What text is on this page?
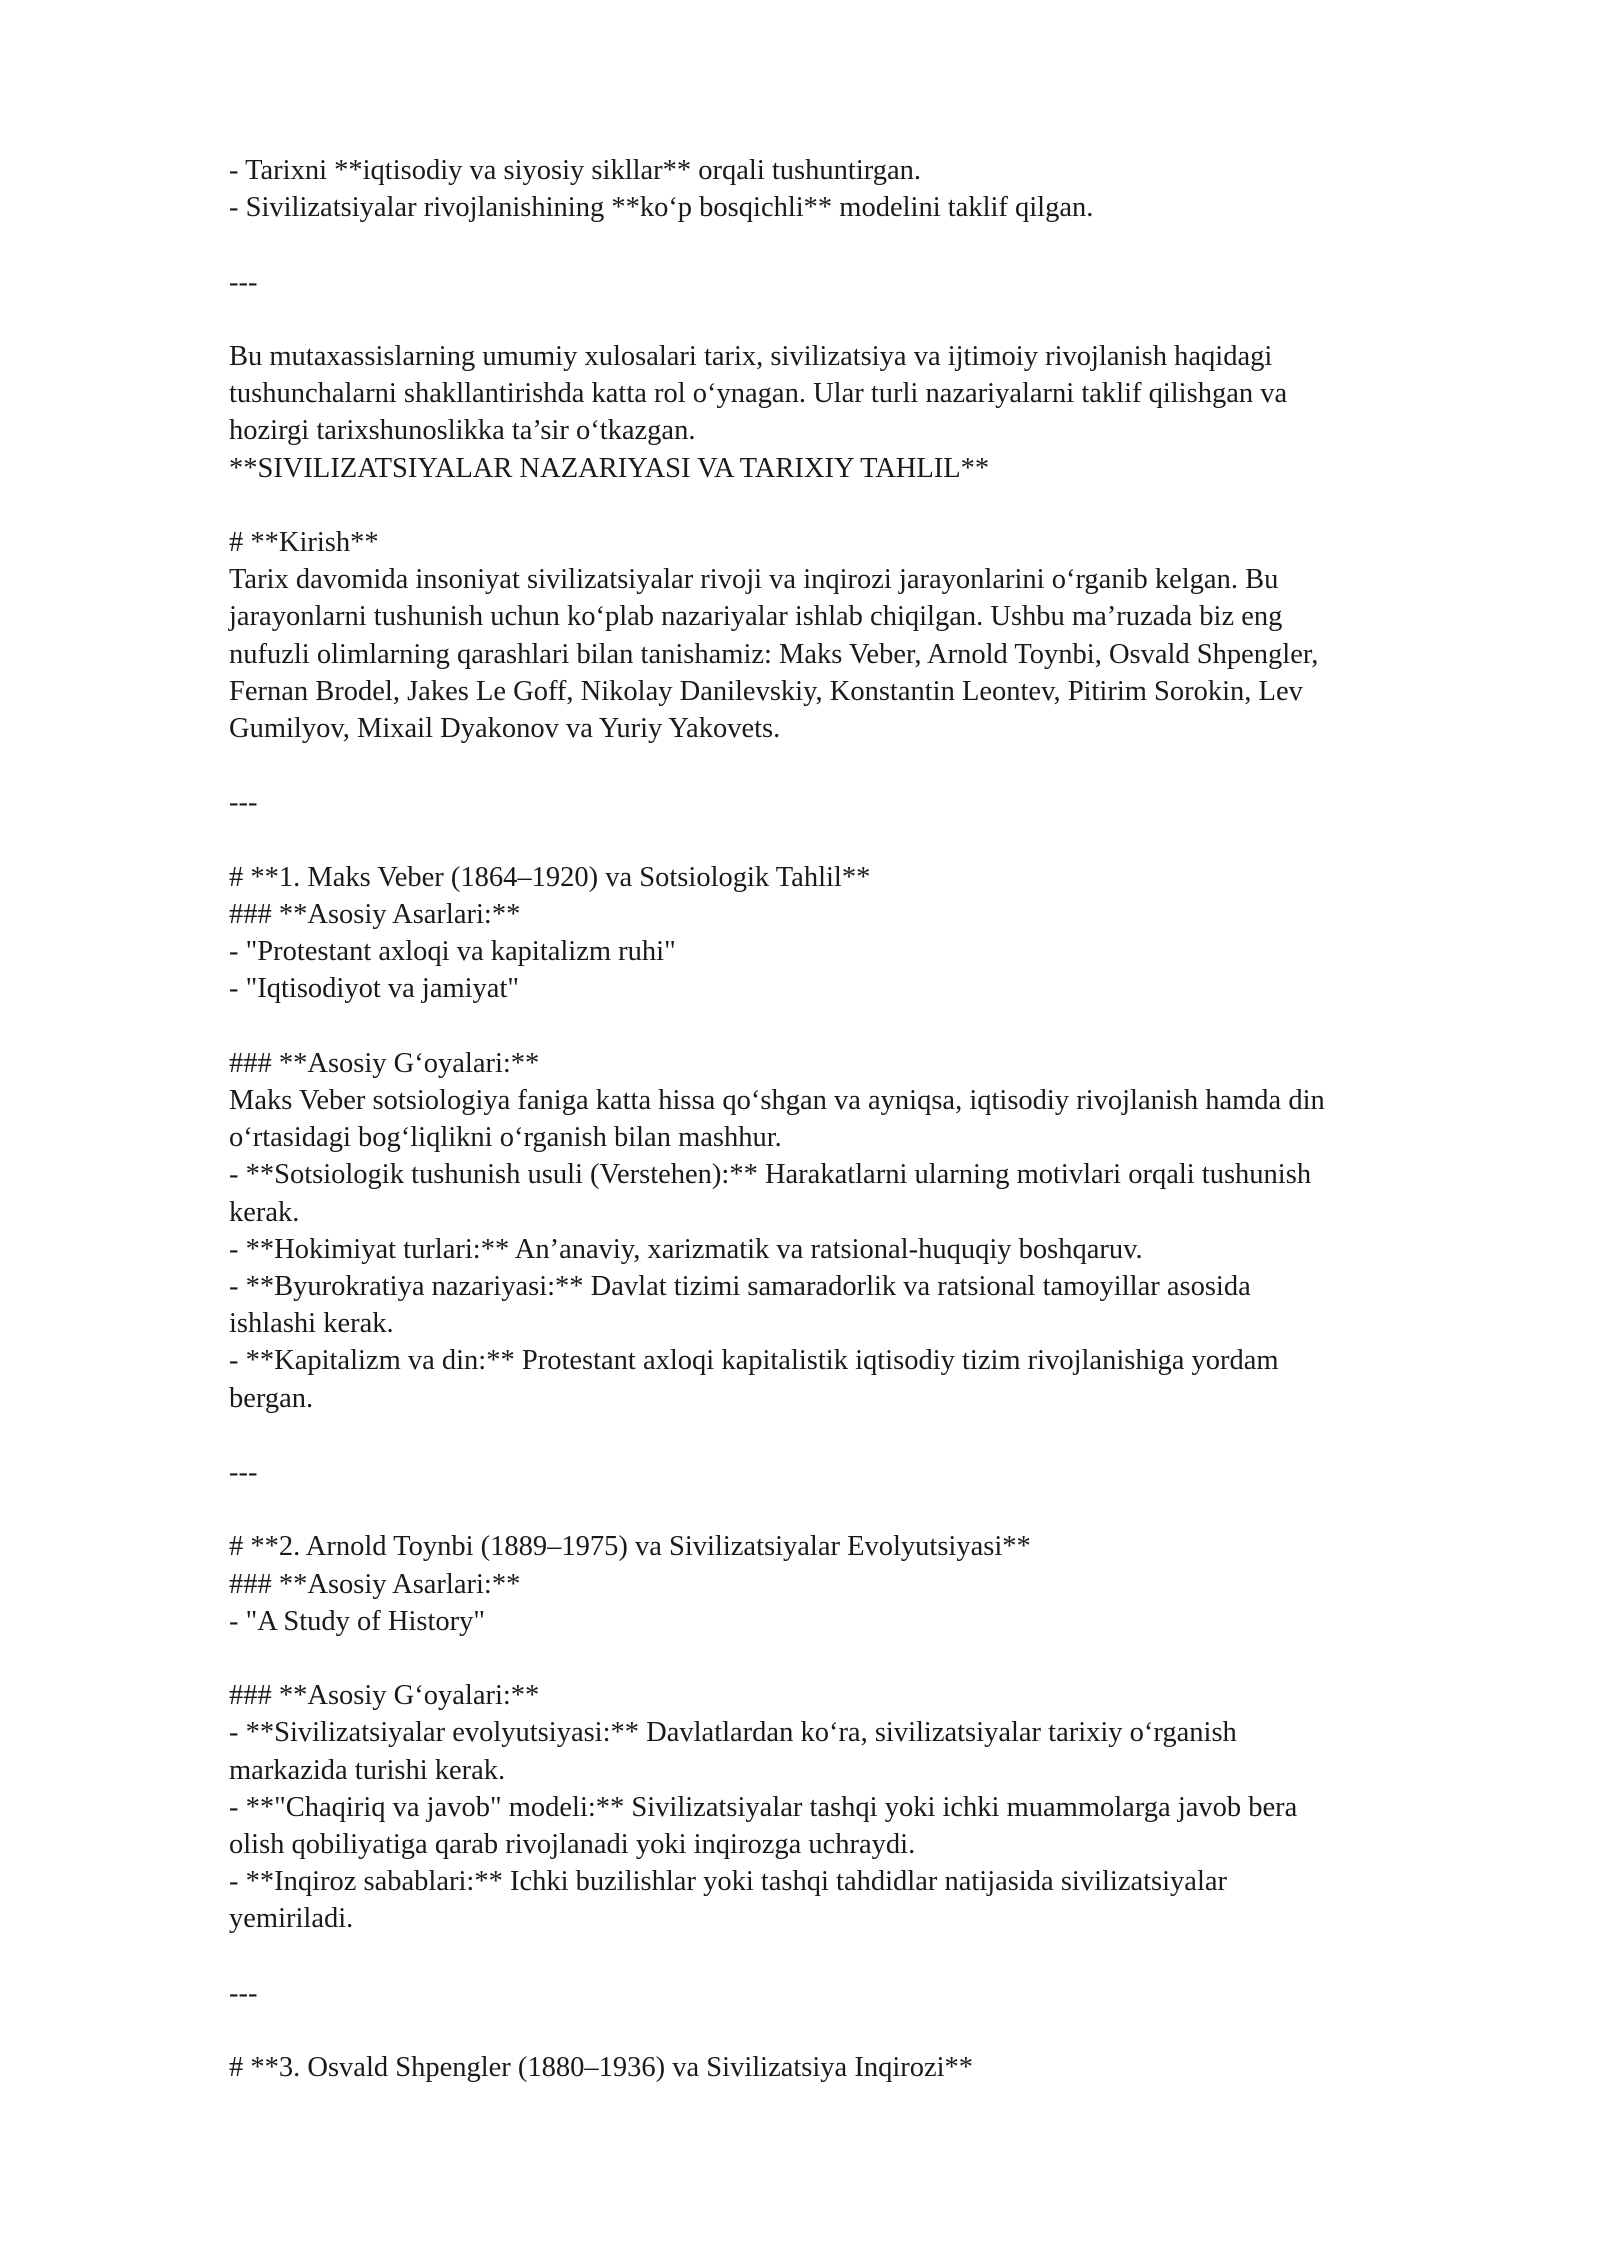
- Tarixni **iqtisodiy va siyosiy sikllar** orqali tushuntirgan.
- Sivilizatsiyalar rivojlanishining **ko‘p bosqichli** modelini taklif qilgan.
---
Bu mutaxassislarning umumiy xulosalari tarix, sivilizatsiya va ijtimoiy rivojlanish haqidagi
tushunchalarni shakllantirishda katta rol o‘ynagan. Ular turli nazariyalarni taklif qilishgan va
hozirgi tarixshunoslikka ta’sir o‘tkazgan.
**SIVILIZATSIYALAR NAZARIYASI VA TARIXIY TAHLIL**
# **Kirish**
Tarix davomida insoniyat sivilizatsiyalar rivoji va inqirozi jarayonlarini o‘rganib kelgan. Bu
jarayonlarni tushunish uchun ko‘plab nazariyalar ishlab chiqilgan. Ushbu ma’ruzada biz eng
nufuzli olimlarning qarashlari bilan tanishamiz: Maks Veber, Arnold Toynbi, Osvald Shpengler,
Fernan Brodel, Jakes Le Goff, Nikolay Danilevskiy, Konstantin Leontev, Pitirim Sorokin, Lev
Gumilyov, Mixail Dyakonov va Yuriy Yakovets.
---
# **1. Maks Veber (1864–1920) va Sotsiologik Tahlil**
### **Asosiy Asarlari:**
- "Protestant axloqi va kapitalizm ruhi"
- "Iqtisodiyot va jamiyat"
### **Asosiy G‘oyalari:**
Maks Veber sotsiologiya faniga katta hissa qo‘shgan va ayniqsa, iqtisodiy rivojlanish hamda din
o‘rtasidagi bog‘liqlikni o‘rganish bilan mashhur.
- **Sotsiologik tushunish usuli (Verstehen):** Harakatlarni ularning motivlari orqali tushunish
kerak.
- **Hokimiyat turlari:** An’anaviy, xarizmatik va ratsional-huquqiy boshqaruv.
- **Byurokratiya nazariyasi:** Davlat tizimi samaradorlik va ratsional tamoyillar asosida
ishlashi kerak.
- **Kapitalizm va din:** Protestant axloqi kapitalistik iqtisodiy tizim rivojlanishiga yordam
bergan.
---
# **2. Arnold Toynbi (1889–1975) va Sivilizatsiyalar Evolyutsiyasi**
### **Asosiy Asarlari:**
- "A Study of History"
### **Asosiy G‘oyalari:**
- **Sivilizatsiyalar evolyutsiyasi:** Davlatlardan ko‘ra, sivilizatsiyalar tarixiy o‘rganish
markazida turishi kerak.
- **"Chaqiriq va javob" modeli:** Sivilizatsiyalar tashqi yoki ichki muammolarga javob bera
olish qobiliyatiga qarab rivojlanadi yoki inqirozga uchraydi.
- **Inqiroz sabablari:** Ichki buzilishlar yoki tashqi tahdidlar natijasida sivilizatsiyalar
yemiriladi.
---
# **3. Osvald Shpengler (1880–1936) va Sivilizatsiya Inqirozi**
